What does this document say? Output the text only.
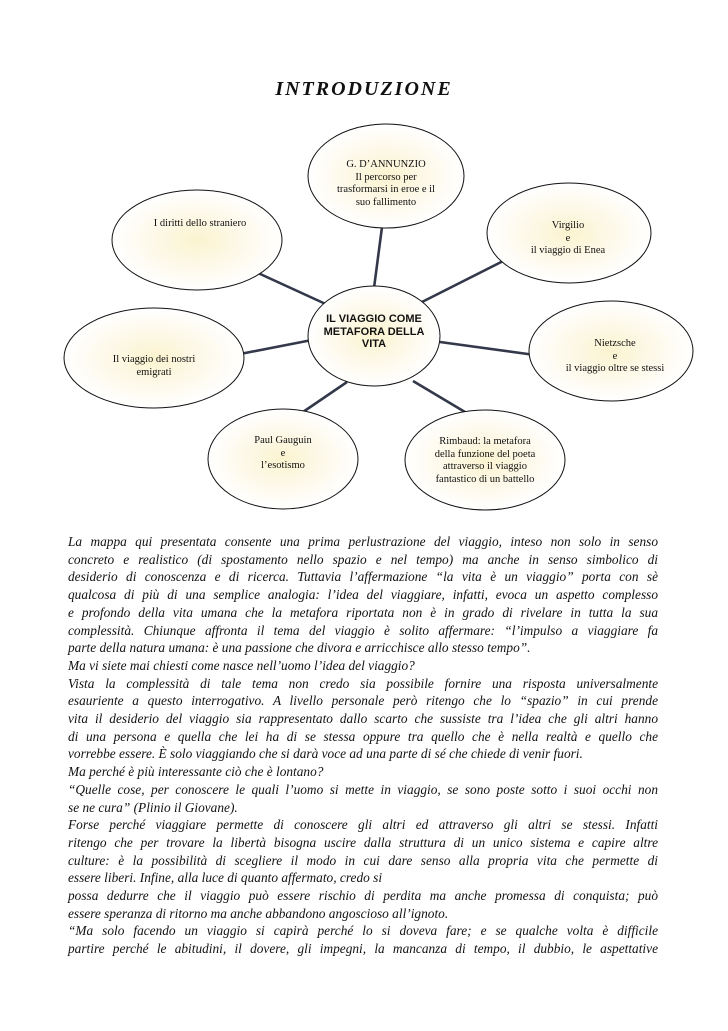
INTRODUZIONE
G. D’ANNUNZIO
Il percorso per
trasformarsi in eroe e il
suo fallimento
I diritti dello straniero	Virgilio
e
il viaggio di Enea
IL VIAGGIO COME
METAFORA DELLA
VITA
Il viaggio dei nostri
emigrati
Nietzsche
e
il viaggio oltre se stessi
Paul Gauguin
e
l’esotismo
Rimbaud: la metafora
della funzione del poeta
attraverso il viaggio
fantastico di un battello

La mappa qui presentata consente una prima perlustrazione del viaggio, inteso non solo in senso

concreto e realistico (di spostamento nello spazio e nel tempo) ma anche in senso simbolico di

desiderio di conoscenza e di ricerca. Tuttavia l’affermazione “la vita è un viaggio” porta con sè

qualcosa di più di una semplice analogia: l’idea del viaggiare, infatti, evoca un aspetto complesso

e profondo della vita umana che la metafora riportata non è in grado di rivelare in tutta la sua

complessità. Chiunque affronta il tema del viaggio è solito affermare: “l’impulso a viaggiare fa

parte della natura umana: è una passione che divora e arricchisce allo stesso tempo”.

Ma vi siete mai chiesti come nasce nell’uomo l’idea del viaggio?

Vista la complessità di tale tema non credo sia possibile fornire una risposta universalmente

esauriente a questo interrogativo. A livello personale però ritengo che lo “spazio” in cui prende

vita il desiderio del viaggio sia rappresentato dallo scarto che sussiste tra l’idea che gli altri hanno

di una persona e quella che lei ha di se stessa oppure tra quello che è nella realtà e quello che

vorrebbe essere. È solo viaggiando che si darà voce ad una parte di sé che chiede di venir fuori.

Ma perché è più interessante ciò che è lontano?

“Quelle cose, per conoscere le quali l’uomo si mette in viaggio, se sono poste sotto i suoi occhi non

se ne cura” (Plinio il Giovane).

Forse perché viaggiare permette di conoscere gli altri ed attraverso gli altri se stessi. Infatti

ritengo che per trovare la libertà bisogna uscire dalla struttura di un unico sistema e capire altre

culture: è la possibilità di scegliere il modo in cui dare senso alla propria vita che permette di

essere liberi. Infine, alla luce di quanto affermato, credo si

possa dedurre che il viaggio può essere rischio di perdita ma anche promessa di conquista; può

essere speranza di ritorno ma anche abbandono angoscioso all’ignoto.

“Ma solo facendo un viaggio si capirà perché lo si doveva fare; e se qualche volta è difficile

partire perché le abitudini, il dovere, gli impegni, la mancanza di tempo, il dubbio, le aspettative
